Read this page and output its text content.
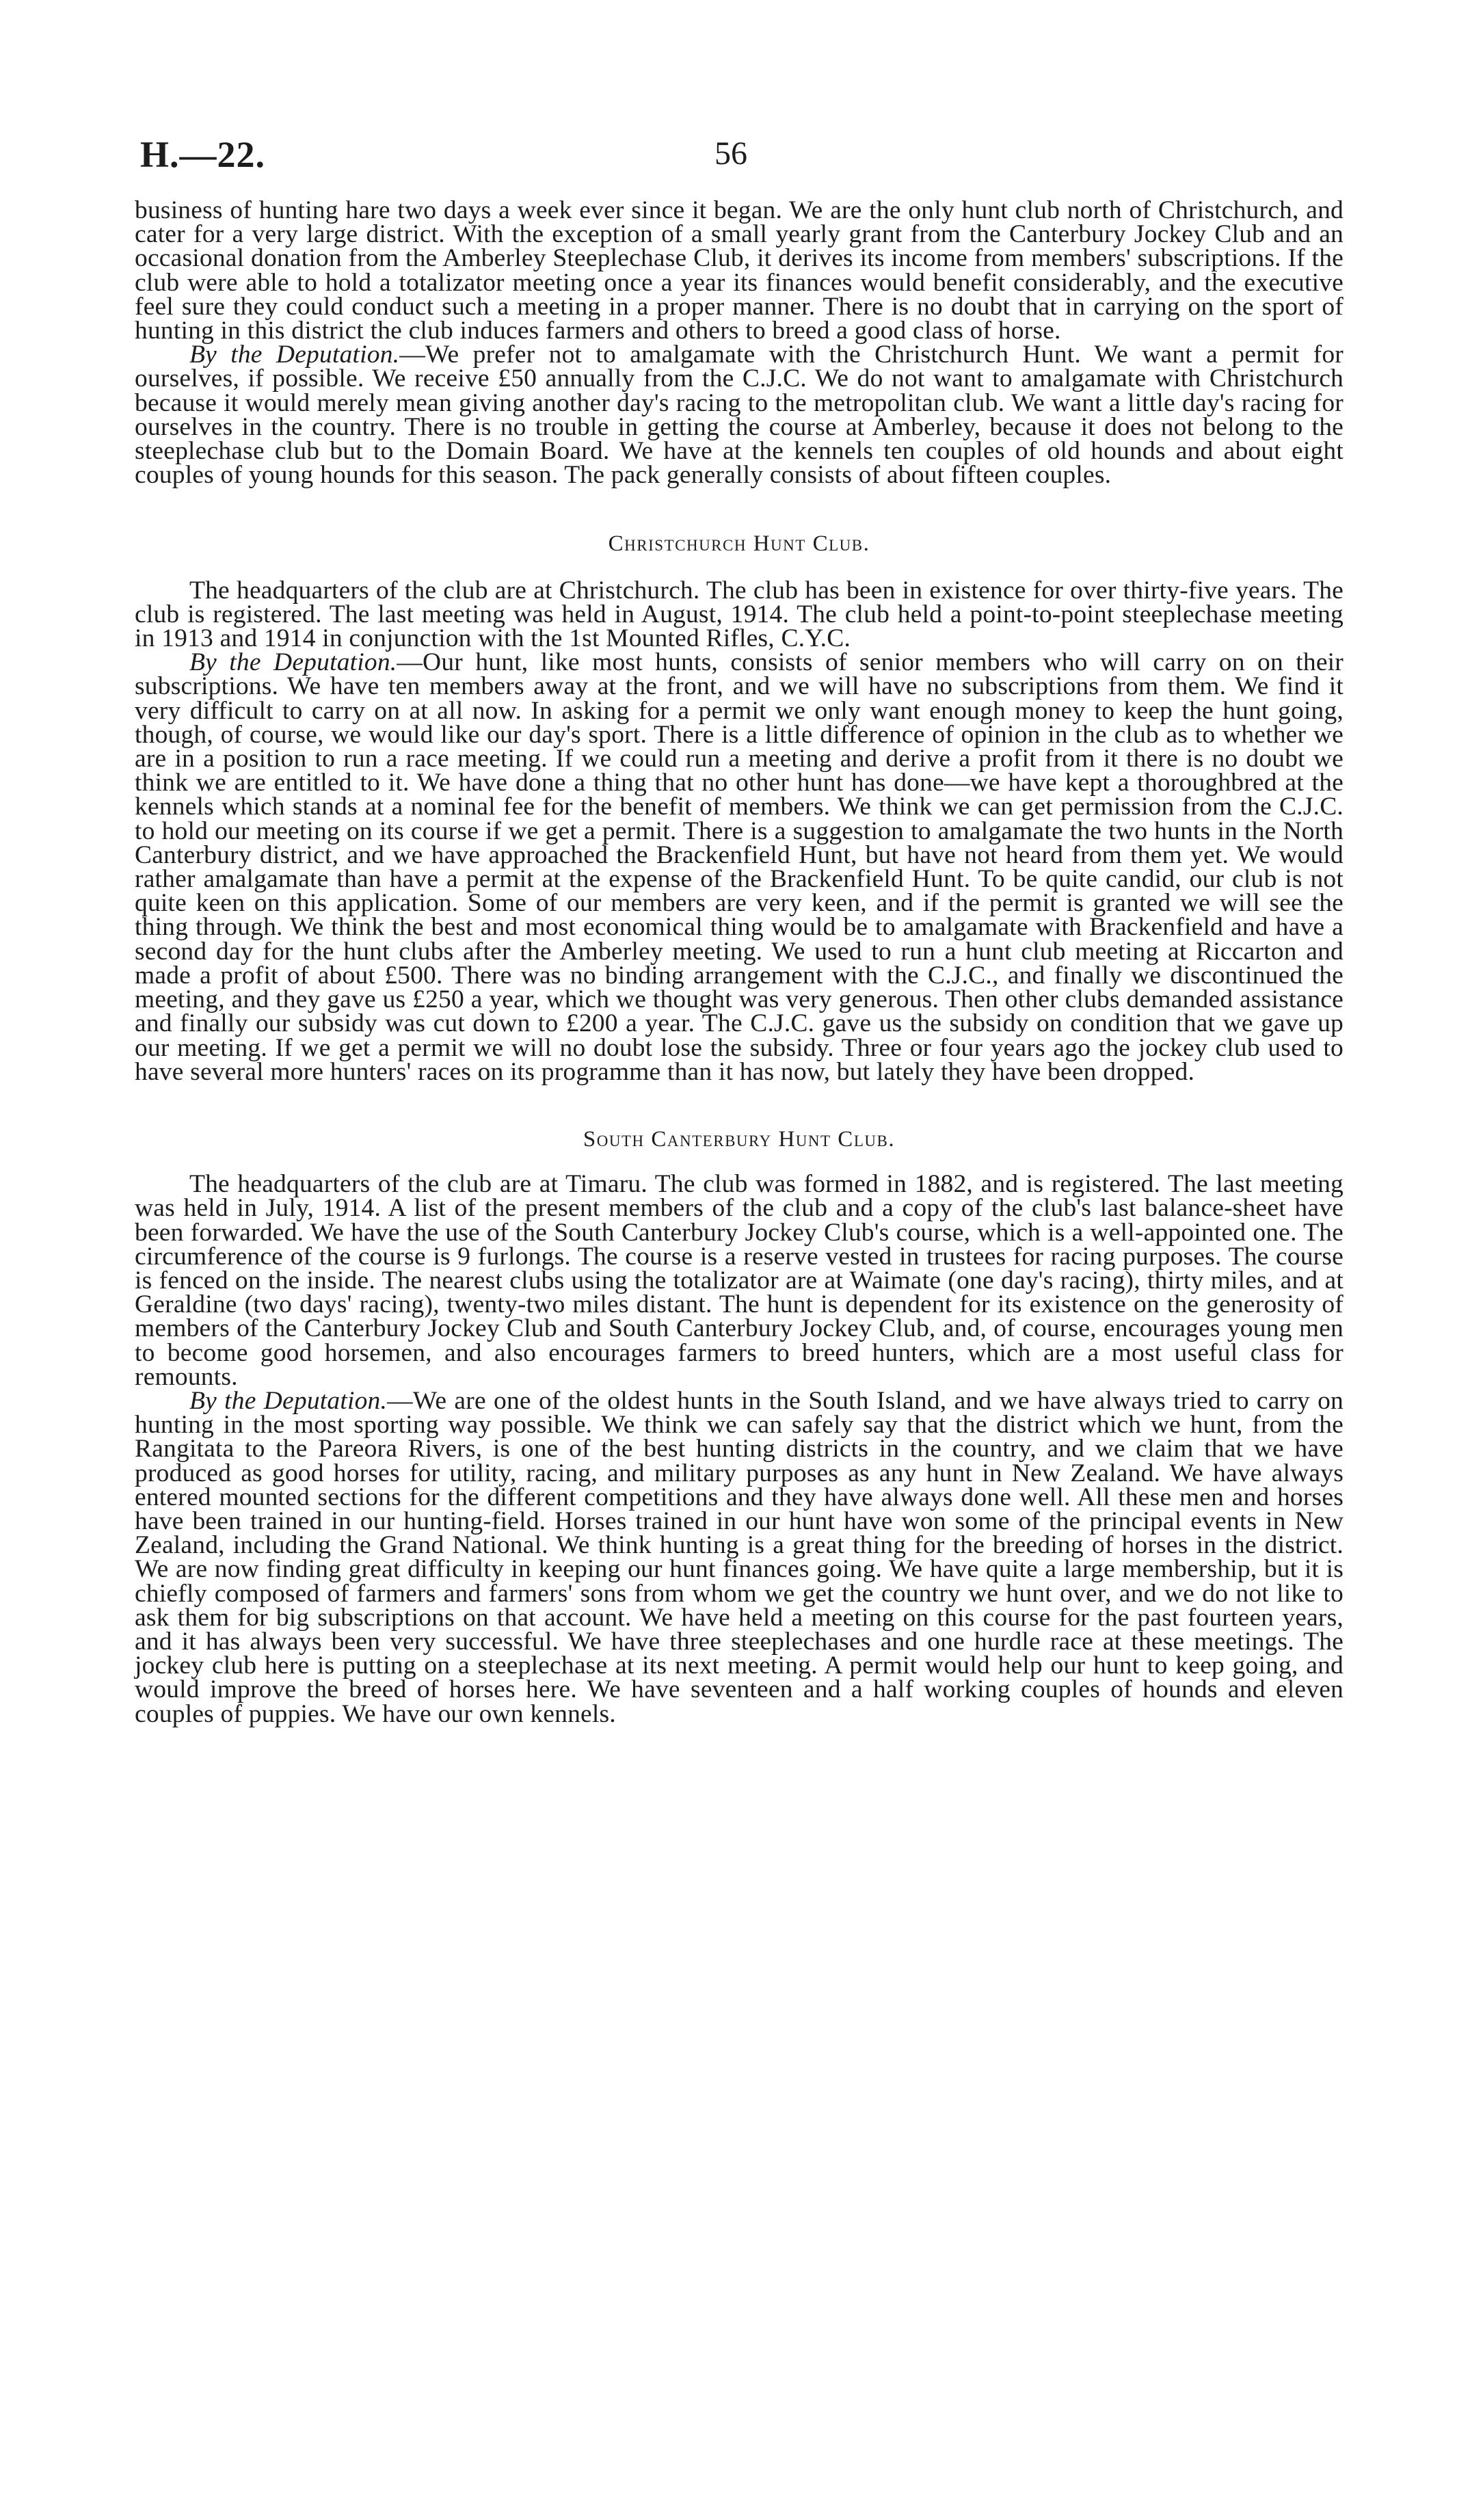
H.—22.	56

business of hunting hare two days a week ever since it began. We are the only hunt club north of Christchurch, and cater for a very large district. With the exception of a small yearly grant from the Canterbury Jockey Club and an occasional donation from the Amberley Steeplechase Club, it derives its income from members' subscriptions. If the club were able to hold a totalizator meeting once a year its finances would benefit considerably, and the executive feel sure they could conduct such a meeting in a proper manner. There is no doubt that in carrying on the sport of hunting in this district the club induces farmers and others to breed a good class of horse.

By the Deputation.—We prefer not to amalgamate with the Christchurch Hunt. We want a permit for ourselves, if possible. We receive £50 annually from the C.J.C. We do not want to amalgamate with Christchurch because it would merely mean giving another day's racing to the metropolitan club. We want a little day's racing for ourselves in the country. There is no trouble in getting the course at Amberley, because it does not belong to the steeplechase club but to the Domain Board. We have at the kennels ten couples of old hounds and about eight couples of young hounds for this season. The pack generally consists of about fifteen couples.

Christchurch Hunt Club.

The headquarters of the club are at Christchurch. The club has been in existence for over thirty-five years. The club is registered. The last meeting was held in August, 1914. The club held a point-to-point steeplechase meeting in 1913 and 1914 in conjunction with the 1st Mounted Rifles, C.Y.C.

By the Deputation.—Our hunt, like most hunts, consists of senior members who will carry on on their subscriptions. We have ten members away at the front, and we will have no subscriptions from them. We find it very difficult to carry on at all now. In asking for a permit we only want enough money to keep the hunt going, though, of course, we would like our day's sport. There is a little difference of opinion in the club as to whether we are in a position to run a race meeting. If we could run a meeting and derive a profit from it there is no doubt we think we are entitled to it. We have done a thing that no other hunt has done—we have kept a thoroughbred at the kennels which stands at a nominal fee for the benefit of members. We think we can get permission from the C.J.C. to hold our meeting on its course if we get a permit. There is a suggestion to amalgamate the two hunts in the North Canterbury district, and we have approached the Brackenfield Hunt, but have not heard from them yet. We would rather amalgamate than have a permit at the expense of the Brackenfield Hunt. To be quite candid, our club is not quite keen on this application. Some of our members are very keen, and if the permit is granted we will see the thing through. We think the best and most economical thing would be to amalgamate with Brackenfield and have a second day for the hunt clubs after the Amberley meeting. We used to run a hunt club meeting at Riccarton and made a profit of about £500. There was no binding arrangement with the C.J.C., and finally we discontinued the meeting, and they gave us £250 a year, which we thought was very generous. Then other clubs demanded assistance and finally our subsidy was cut down to £200 a year. The C.J.C. gave us the subsidy on condition that we gave up our meeting. If we get a permit we will no doubt lose the subsidy. Three or four years ago the jockey club used to have several more hunters' races on its programme than it has now, but lately they have been dropped.

South Canterbury Hunt Club.

The headquarters of the club are at Timaru. The club was formed in 1882, and is registered. The last meeting was held in July, 1914. A list of the present members of the club and a copy of the club's last balance-sheet have been forwarded. We have the use of the South Canterbury Jockey Club's course, which is a well-appointed one. The circumference of the course is 9 furlongs. The course is a reserve vested in trustees for racing purposes. The course is fenced on the inside. The nearest clubs using the totalizator are at Waimate (one day's racing), thirty miles, and at Geraldine (two days' racing), twenty-two miles distant. The hunt is dependent for its existence on the generosity of members of the Canterbury Jockey Club and South Canterbury Jockey Club, and, of course, encourages young men to become good horsemen, and also encourages farmers to breed hunters, which are a most useful class for remounts.

By the Deputation.—We are one of the oldest hunts in the South Island, and we have always tried to carry on hunting in the most sporting way possible. We think we can safely say that the district which we hunt, from the Rangitata to the Pareora Rivers, is one of the best hunting districts in the country, and we claim that we have produced as good horses for utility, racing, and military purposes as any hunt in New Zealand. We have always entered mounted sections for the different competitions and they have always done well. All these men and horses have been trained in our hunting-field. Horses trained in our hunt have won some of the principal events in New Zealand, including the Grand National. We think hunting is a great thing for the breeding of horses in the district. We are now finding great difficulty in keeping our hunt finances going. We have quite a large membership, but it is chiefly composed of farmers and farmers' sons from whom we get the country we hunt over, and we do not like to ask them for big subscriptions on that account. We have held a meeting on this course for the past fourteen years, and it has always been very successful. We have three steeplechases and one hurdle race at these meetings. The jockey club here is putting on a steeplechase at its next meeting. A permit would help our hunt to keep going, and would improve the breed of horses here. We have seventeen and a half working couples of hounds and eleven couples of puppies. We have our own kennels.
